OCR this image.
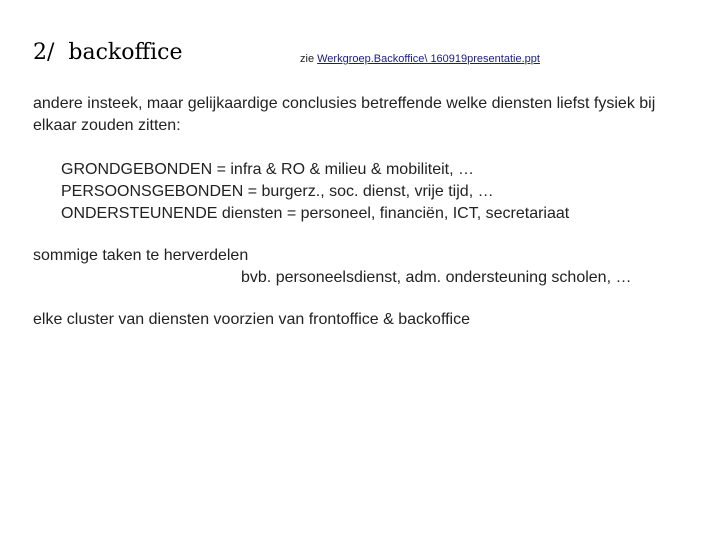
2/  backoffice	zie Werkgroep.Backoffice\ 160919presentatie.ppt
andere insteek, maar gelijkaardige conclusies betreffende welke diensten liefst fysiek bij elkaar zouden zitten:
GRONDGEBONDEN = infra & RO & milieu & mobiliteit, …
PERSOONSGEBONDEN = burgerz., soc. dienst, vrije tijd, …
ONDERSTEUNENDE diensten = personeel, financiën, ICT, secretariaat
sommige taken te herverdelen
bvb. personeelsdienst, adm. ondersteuning scholen, …
elke cluster van diensten voorzien van frontoffice & backoffice
